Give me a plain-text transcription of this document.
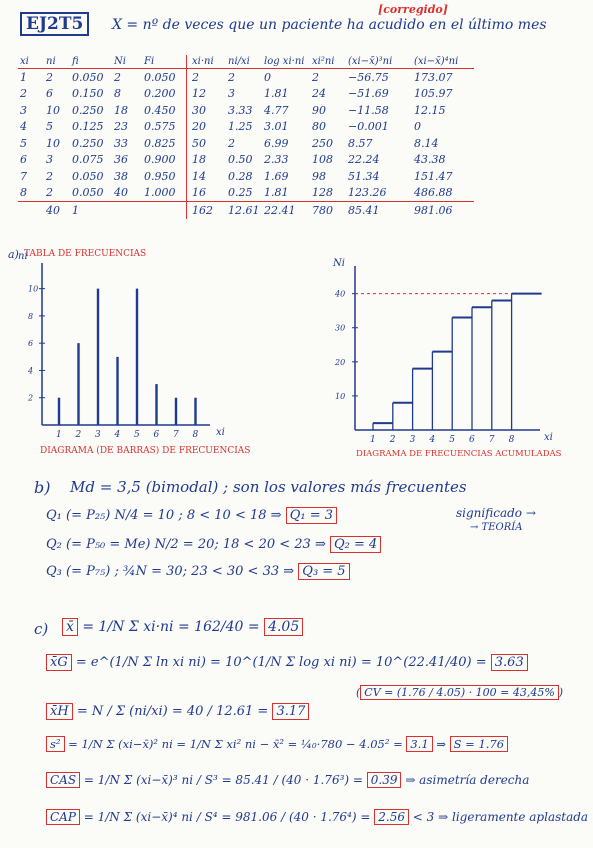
EJ2T5
[corregido]
X = nº de veces que un paciente ha acudido en el último mes
xi	ni	fi	Ni	Fi	xi·ni	ni/xi	log xi·ni	xi²ni	(xi−x̄)³ni	(xi−x̄)⁴ni
1	2	0.050	2	0.050	2	2	0	2	−56.75	173.07
2	6	0.150	8	0.200	12	3	1.81	24	−51.69	105.97
3	10	0.250	18	0.450	30	3.33	4.77	90	−11.58	12.15
4	5	0.125	23	0.575	20	1.25	3.01	80	−0.001	0
5	10	0.250	33	0.825	50	2	6.99	250	8.57	8.14
6	3	0.075	36	0.900	18	0.50	2.33	108	22.24	43.38
7	2	0.050	38	0.950	14	0.28	1.69	98	51.34	151.47
8	2	0.050	40	1.000	16	0.25	1.81	128	123.26	486.88
	40	1			162	12.61	22.41	780	85.41	981.06
a) TABLA DE FRECUENCIAS
ni
xi
2
4
6
8
10
1 2 3 4 5 6 7 8
Ni
xi
10
20
30
40
1 2 3 4 5 6 7 8
DIAGRAMA (DE BARRAS) DE FRECUENCIAS	DIAGRAMA DE FRECUENCIAS ACUMULADAS
b) Md = 3,5 (bimodal) ; son los valores más frecuentes
Q₁ (= P₂₅) N/4 = 10 ; 8 < 10 < 18 ⇒ Q₁ = 3
Q₂ (= P₅₀ = Me) N/2 = 20; 18 < 20 < 23 ⇒ Q₂ = 4
Q₃ (= P₇₅) ; ¾N = 30; 23 < 30 < 33 ⇒ Q₃ = 5
significado →
→ TEORÍA
c) x̄ = 1/N Σ xi·ni = 162/40 = 4.05
x̄G = e^(1/N Σ ln xi ni) = 10^(1/N Σ log xi ni) = 10^(22.41/40) = 3.63
x̄H = N / Σ (ni/xi) = 40 / 12.61 = 3.17
( CV = (1.76 / 4.05) · 100 = 43,45% )
s² = 1/N Σ (xi−x̄)² ni = 1/N Σ xi² ni − x̄² = ¼₀·780 − 4.05² = 3.1 ⇒ S = 1.76
CAS = 1/N Σ (xi−x̄)³ ni / S³ = 85.41 / (40 · 1.76³) = 0.39 ⇒ asimetría derecha
CAP = 1/N Σ (xi−x̄)⁴ ni / S⁴ = 981.06 / (40 · 1.76⁴) = 2.56 < 3 ⇒ ligeramente aplastada
